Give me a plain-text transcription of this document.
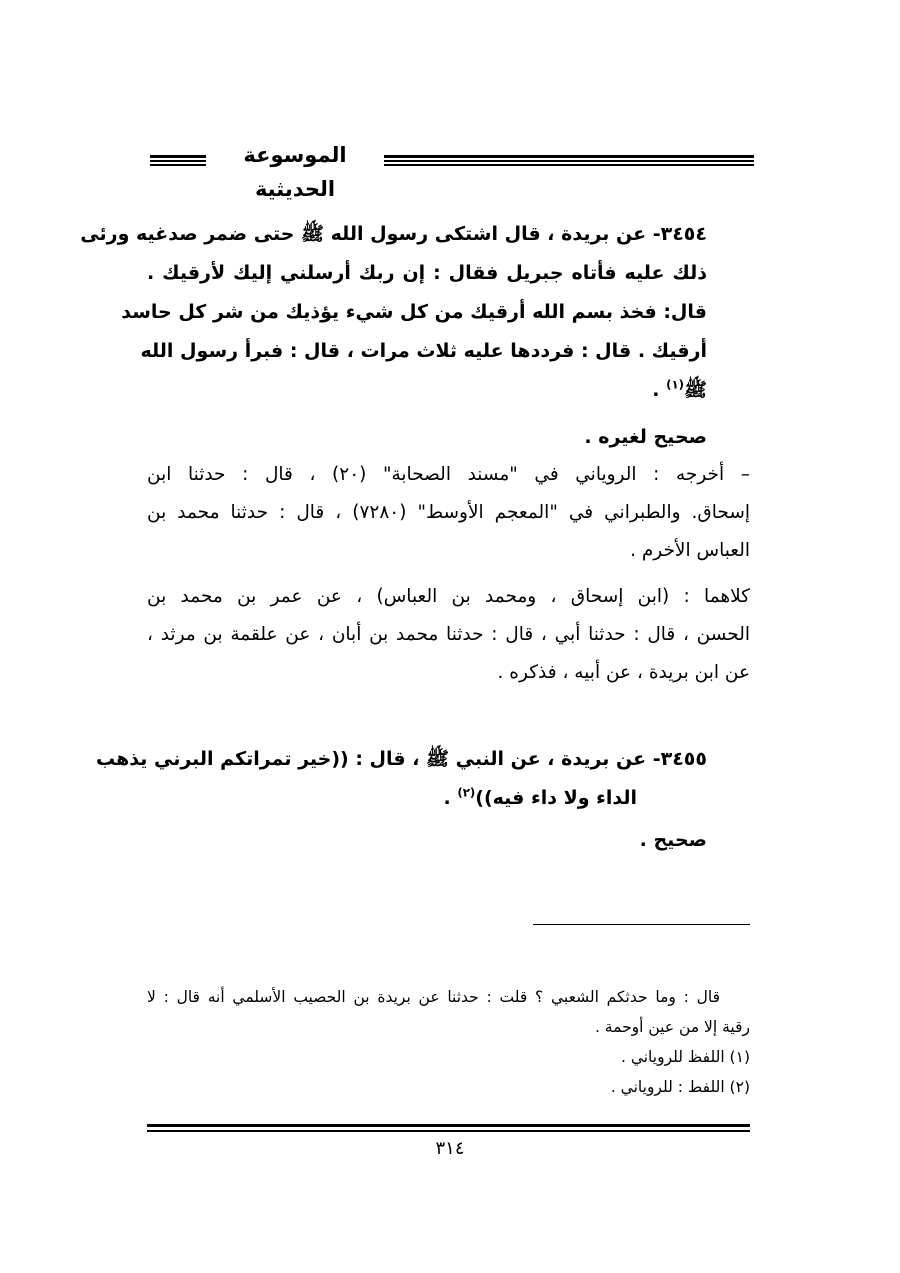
الموسوعة الحديثية
٣٤٥٤- عن بريدة ، قال اشتكى رسول الله ﷺ حتى ضمر صدغيه ورئى
ذلك عليه فأتاه جبريل فقال : إن ربك أرسلني إليك لأرقيك .
قال: فخذ بسم الله أرقيك من كل شيء يؤذيك من شر كل حاسد
أرقيك . قال : فرددها عليه ثلاث مرات ، قال : فبرأ رسول الله
ﷺ$^{(١)}$ .
صحيح لغيره .
– أخرجه : الروياني في "مسند الصحابة" (٢٠) ، قال : حدثنا ابن
إسحاق. والطبراني في "المعجم الأوسط" (٧٢٨٠) ، قال : حدثنا محمد بن
العباس الأخرم .
كلاهما : (ابن إسحاق ، ومحمد بن العباس) ، عن عمر بن محمد بن
الحسن ، قال : حدثنا أبي ، قال : حدثنا محمد بن أبان ، عن علقمة بن مرثد ،
عن ابن بريدة ، عن أبيه ، فذكره .
٣٤٥٥- عن بريدة ، عن النبي ﷺ ، قال : ((خير تمراتكم البرني يذهب
الداء ولا داء فيه))$^{(٢)}$ .
صحيح .
قال : وما حدثكم الشعبي ؟ قلت : حدثنا عن بريدة بن الحصيب الأسلمي أنه قال : لا
رقية إلا من عين أوحمة .
(١) اللفظ للروياني .
(٢) اللفط : للروياني .
٣١٤
